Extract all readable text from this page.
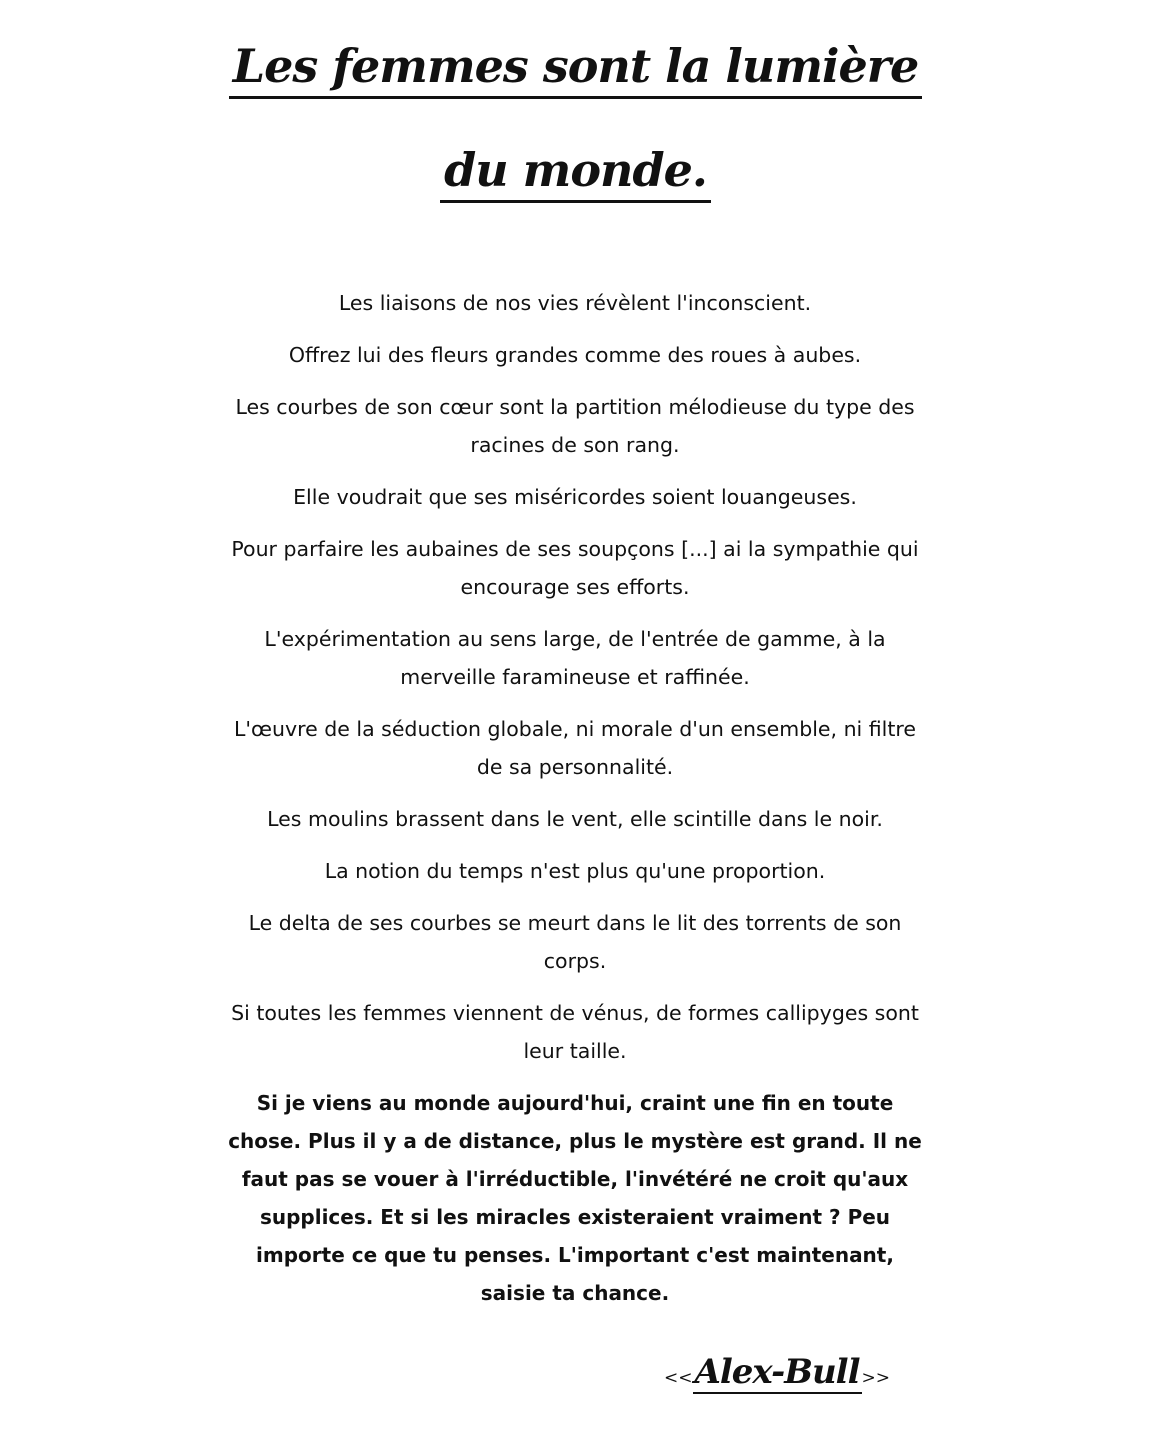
Les femmes sont la lumière
du monde.

Les liaisons de nos vies révèlent l'inconscient.

Offrez lui des fleurs grandes comme des roues à aubes.

Les courbes de son cœur sont la partition mélodieuse du type des racines de son rang.

Elle voudrait que ses miséricordes soient louangeuses.

Pour parfaire les aubaines de ses soupçons [...] ai la sympathie qui encourage ses efforts.

L'expérimentation au sens large, de l'entrée de gamme, à la merveille faramineuse et raffinée.

L'œuvre de la séduction globale, ni morale d'un ensemble, ni filtre de sa personnalité.

Les moulins brassent dans le vent, elle scintille dans le noir.

La notion du temps n'est plus qu'une proportion.

Le delta de ses courbes se meurt dans le lit des torrents de son corps.

Si toutes les femmes viennent de vénus, de formes callipyges sont leur taille.

Si je viens au monde aujourd'hui, craint une fin en toute chose. Plus il y a de distance, plus le mystère est grand. Il ne faut pas se vouer à l'irréductible, l'invétéré ne croit qu'aux supplices. Et si les miracles existeraient vraiment ? Peu importe ce que tu penses. L'important c'est maintenant, saisie ta chance.

<<Alex-Bull >>
